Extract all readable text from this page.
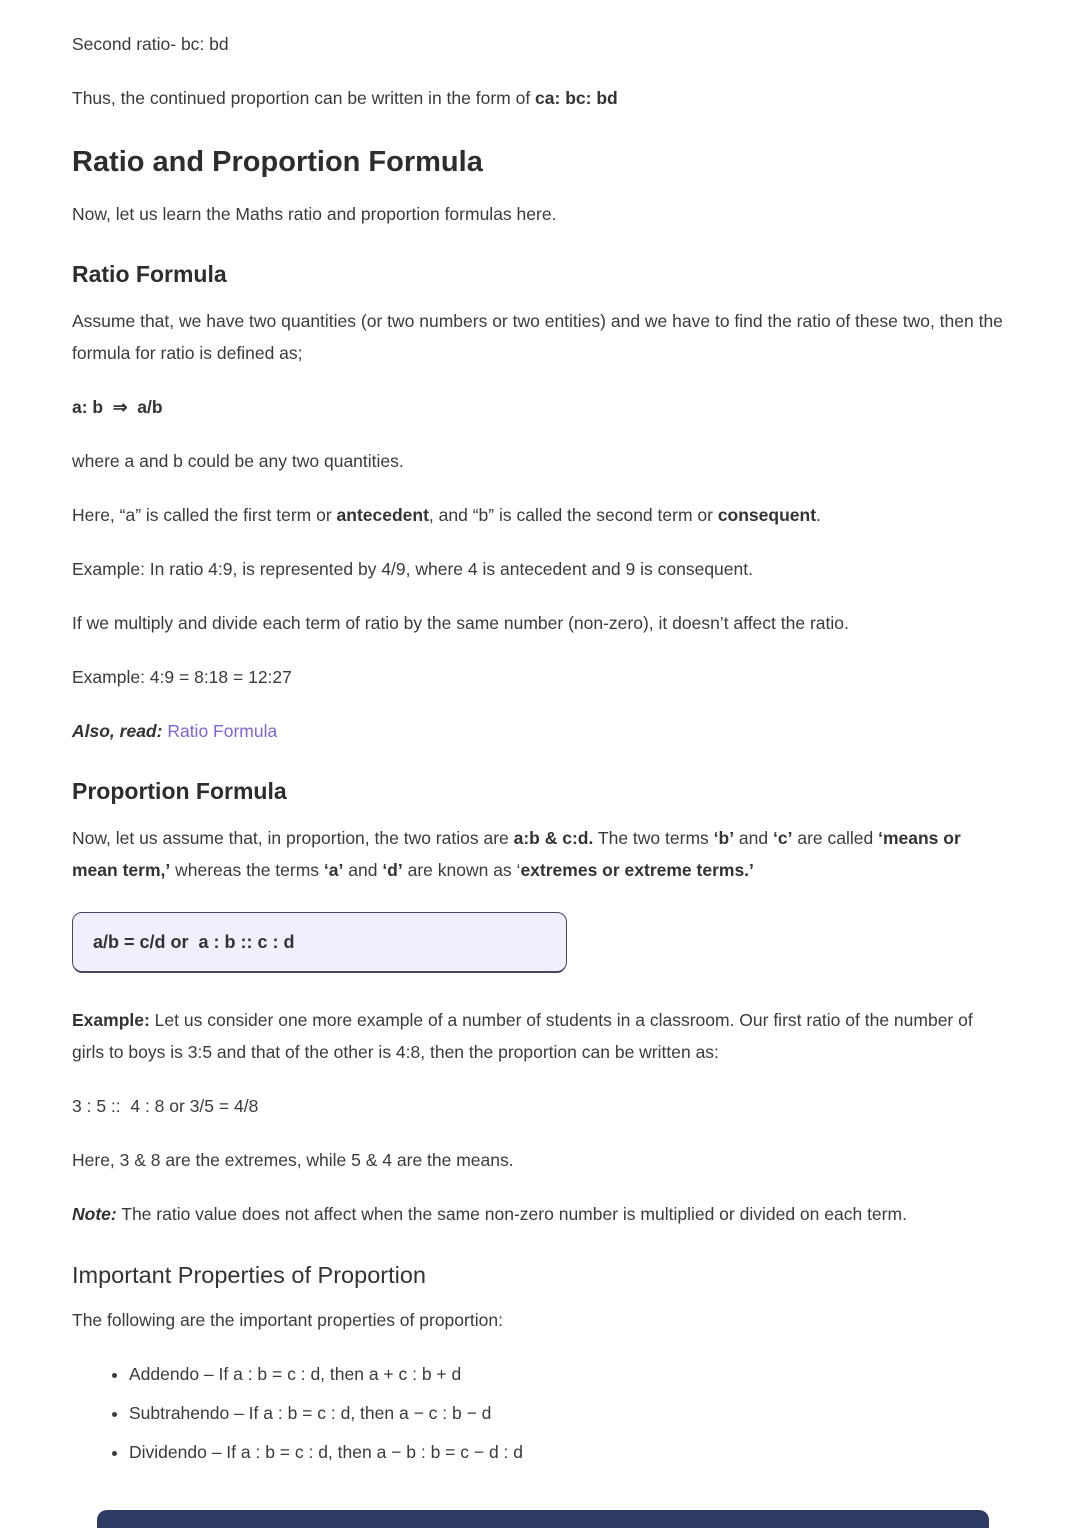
Second ratio- bc: bd

Thus, the continued proportion can be written in the form of ca: bc: bd

Ratio and Proportion Formula

Now, let us learn the Maths ratio and proportion formulas here.

Ratio Formula

Assume that, we have two quantities (or two numbers or two entities) and we have to find the ratio of these two, then the formula for ratio is defined as;

a: b  ⇒  a/b

where a and b could be any two quantities.

Here, “a” is called the first term or antecedent, and “b” is called the second term or consequent.

Example: In ratio 4:9, is represented by 4/9, where 4 is antecedent and 9 is consequent.

If we multiply and divide each term of ratio by the same number (non-zero), it doesn’t affect the ratio.

Example: 4:9 = 8:18 = 12:27

Also, read: Ratio Formula

Proportion Formula

Now, let us assume that, in proportion, the two ratios are a:b & c:d. The two terms ‘b’ and ‘c’ are called ‘means or mean term,’ whereas the terms ‘a’ and ‘d’ are known as ‘extremes or extreme terms.’

a/b = c/d or  a : b :: c : d

Example: Let us consider one more example of a number of students in a classroom. Our first ratio of the number of girls to boys is 3:5 and that of the other is 4:8, then the proportion can be written as:

3 : 5 ::  4 : 8 or 3/5 = 4/8

Here, 3 & 8 are the extremes, while 5 & 4 are the means.

Note: The ratio value does not affect when the same non-zero number is multiplied or divided on each term.

Important Properties of Proportion

The following are the important properties of proportion:

• Addendo – If a : b = c : d, then a + c : b + d
• Subtrahendo – If a : b = c : d, then a − c : b − d
• Dividendo – If a : b = c : d, then a − b : b = c − d : d
